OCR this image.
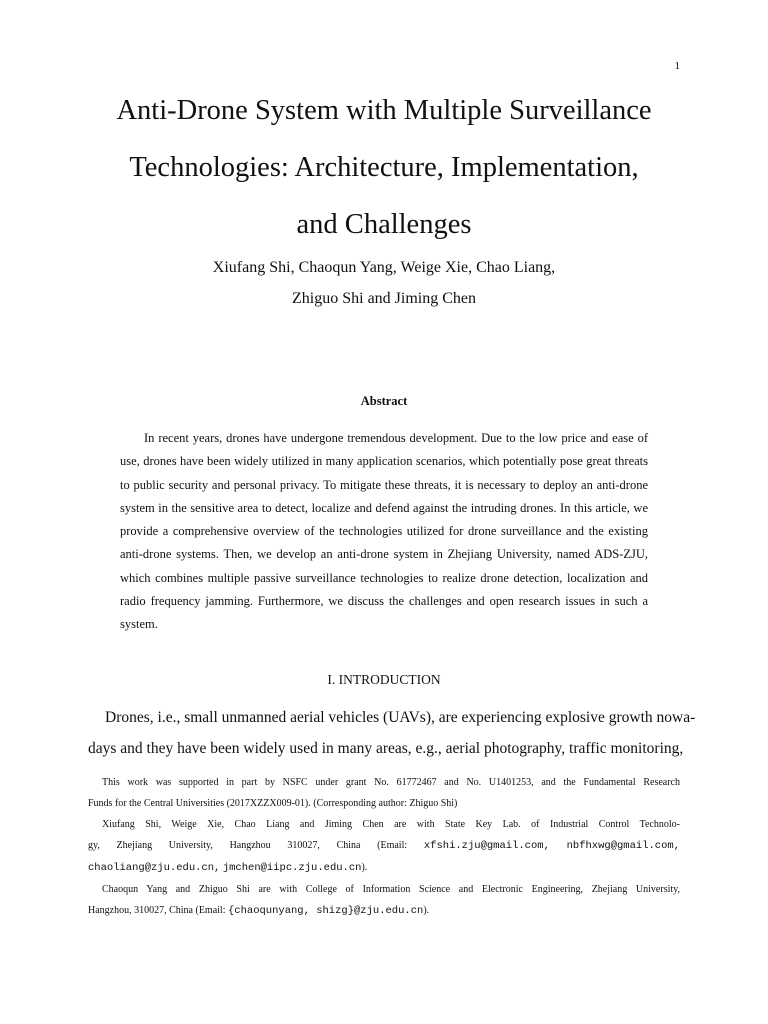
1
Anti-Drone System with Multiple Surveillance
Technologies: Architecture, Implementation,
and Challenges
Xiufang Shi, Chaoqun Yang, Weige Xie, Chao Liang,
Zhiguo Shi and Jiming Chen
Abstract

In recent years, drones have undergone tremendous development. Due to the low price and ease of
use, drones have been widely utilized in many application scenarios, which potentially pose great threats
to public security and personal privacy. To mitigate these threats, it is necessary to deploy an anti-drone
system in the sensitive area to detect, localize and defend against the intruding drones. In this article, we
provide a comprehensive overview of the technologies utilized for drone surveillance and the existing
anti-drone systems. Then, we develop an anti-drone system in Zhejiang University, named ADS-ZJU,
which combines multiple passive surveillance technologies to realize drone detection, localization and
radio frequency jamming. Furthermore, we discuss the challenges and open research issues in such a
system.

I. INTRODUCTION

Drones, i.e., small unmanned aerial vehicles (UAVs), are experiencing explosive growth nowa-
days and they have been widely used in many areas, e.g., aerial photography, traffic monitoring,

This work was supported in part by NSFC under grant No. 61772467 and No. U1401253, and the Fundamental Research
Funds for the Central Universities (2017XZZX009-01). (Corresponding author: Zhiguo Shi)

Xiufang Shi, Weige Xie, Chao Liang and Jiming Chen are with State Key Lab. of Industrial Control Technolo-
gy, Zhejiang University, Hangzhou 310027, China (Email: xfshi.zju@gmail.com, nbfhxwg@gmail.com,
chaoliang@zju.edu.cn, jmchen@iipc.zju.edu.cn).

Chaoqun Yang and Zhiguo Shi are with College of Information Science and Electronic Engineering, Zhejiang University,
Hangzhou, 310027, China (Email: {chaoqunyang, shizg}@zju.edu.cn).
